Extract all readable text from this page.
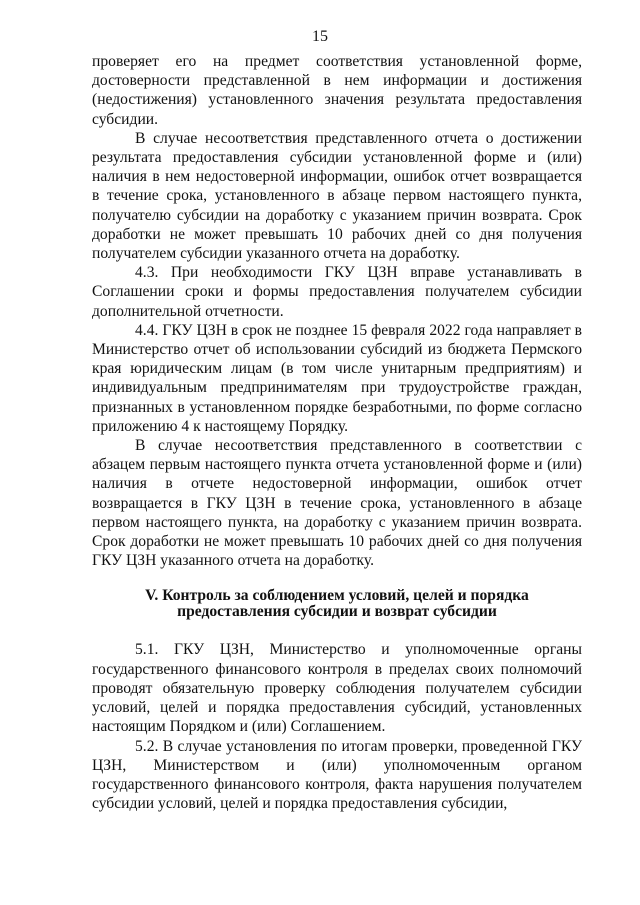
15

проверяет его на предмет соответствия установленной форме, достоверности представленной в нем информации и достижения (недостижения) установленного значения результата предоставления субсидии.

В случае несоответствия представленного отчета о достижении результата предоставления субсидии установленной форме и (или) наличия в нем недостоверной информации, ошибок отчет возвращается в течение срока, установленного в абзаце первом настоящего пункта, получателю субсидии на доработку с указанием причин возврата. Срок доработки не может превышать 10 рабочих дней со дня получения получателем субсидии указанного отчета на доработку.

4.3. При необходимости ГКУ ЦЗН вправе устанавливать в Соглашении сроки и формы предоставления получателем субсидии дополнительной отчетности.

4.4. ГКУ ЦЗН в срок не позднее 15 февраля 2022 года направляет в Министерство отчет об использовании субсидий из бюджета Пермского края юридическим лицам (в том числе унитарным предприятиям) и индивидуальным предпринимателям при трудоустройстве граждан, признанных в установленном порядке безработными, по форме согласно приложению 4 к настоящему Порядку.

В случае несоответствия представленного в соответствии с абзацем первым настоящего пункта отчета установленной форме и (или) наличия в отчете недостоверной информации, ошибок отчет возвращается в ГКУ ЦЗН в течение срока, установленного в абзаце первом настоящего пункта, на доработку с указанием причин возврата. Срок доработки не может превышать 10 рабочих дней со дня получения ГКУ ЦЗН указанного отчета на доработку.

V. Контроль за соблюдением условий, целей и порядка
предоставления субсидии и возврат субсидии

5.1. ГКУ ЦЗН, Министерство и уполномоченные органы государственного финансового контроля в пределах своих полномочий проводят обязательную проверку соблюдения получателем субсидии условий, целей и порядка предоставления субсидий, установленных настоящим Порядком и (или) Соглашением.

5.2. В случае установления по итогам проверки, проведенной ГКУ ЦЗН, Министерством и (или) уполномоченным органом государственного финансового контроля, факта нарушения получателем субсидии условий, целей и порядка предоставления субсидии,
